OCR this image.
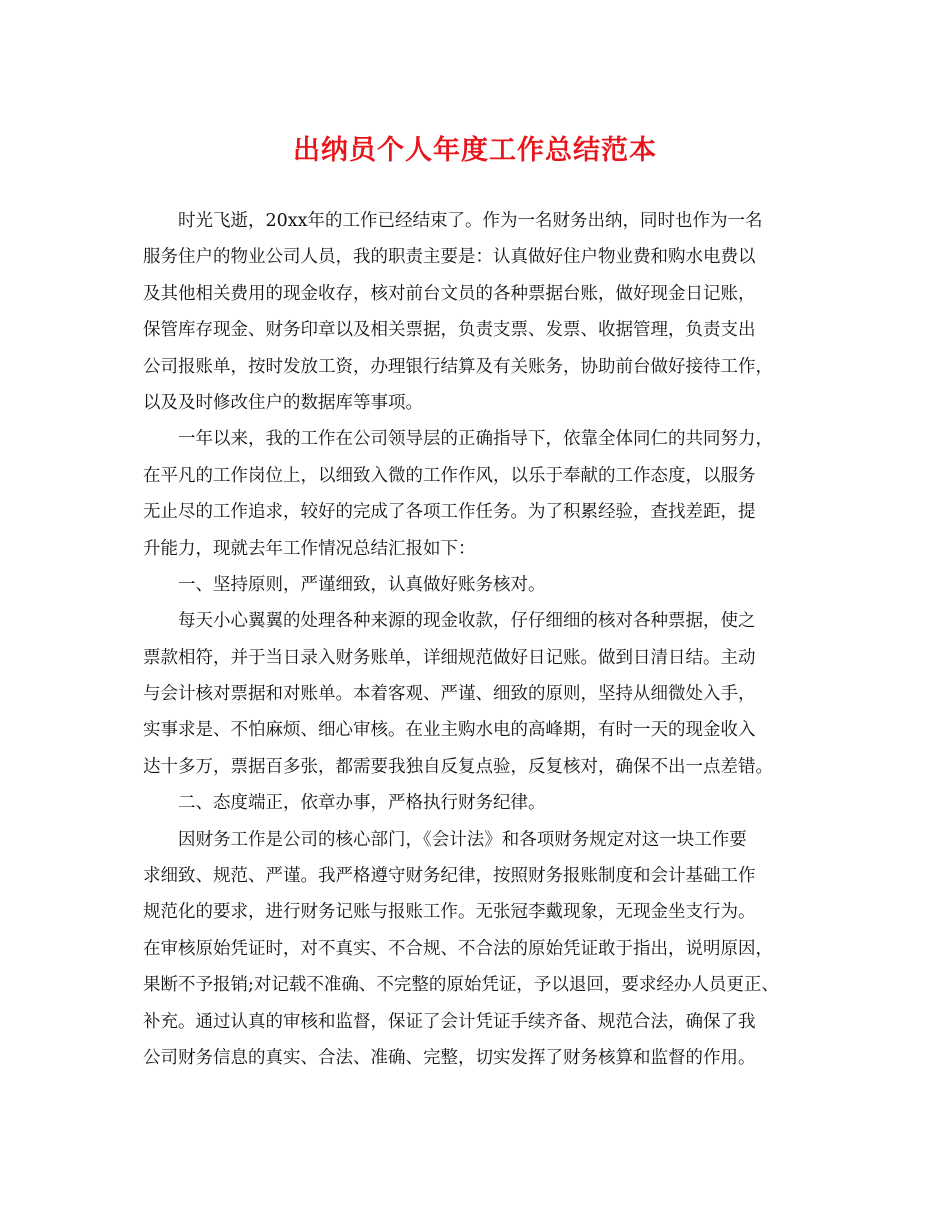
出纳员个人年度工作总结范本
时光飞逝，20xx年的工作已经结束了。作为一名财务出纳，同时也作为一名
服务住户的物业公司人员，我的职责主要是：认真做好住户物业费和购水电费以
及其他相关费用的现金收存，核对前台文员的各种票据台账，做好现金日记账，
保管库存现金、财务印章以及相关票据，负责支票、发票、收据管理，负责支出
公司报账单，按时发放工资，办理银行结算及有关账务，协助前台做好接待工作，
以及及时修改住户的数据库等事项。
一年以来，我的工作在公司领导层的正确指导下，依靠全体同仁的共同努力，
在平凡的工作岗位上，以细致入微的工作作风，以乐于奉献的工作态度，以服务
无止尽的工作追求，较好的完成了各项工作任务。为了积累经验，查找差距，提
升能力，现就去年工作情况总结汇报如下：
一、坚持原则，严谨细致，认真做好账务核对。
每天小心翼翼的处理各种来源的现金收款，仔仔细细的核对各种票据，使之
票款相符，并于当日录入财务账单，详细规范做好日记账。做到日清日结。主动
与会计核对票据和对账单。本着客观、严谨、细致的原则，坚持从细微处入手，
实事求是、不怕麻烦、细心审核。在业主购水电的高峰期，有时一天的现金收入
达十多万，票据百多张，都需要我独自反复点验，反复核对，确保不出一点差错。
二、态度端正，依章办事，严格执行财务纪律。
因财务工作是公司的核心部门，《会计法》和各项财务规定对这一块工作要
求细致、规范、严谨。我严格遵守财务纪律，按照财务报账制度和会计基础工作
规范化的要求，进行财务记账与报账工作。无张冠李戴现象，无现金坐支行为。
在审核原始凭证时，对不真实、不合规、不合法的原始凭证敢于指出，说明原因，
果断不予报销;对记载不准确、不完整的原始凭证，予以退回，要求经办人员更正、
补充。通过认真的审核和监督，保证了会计凭证手续齐备、规范合法，确保了我
公司财务信息的真实、合法、准确、完整，切实发挥了财务核算和监督的作用。
